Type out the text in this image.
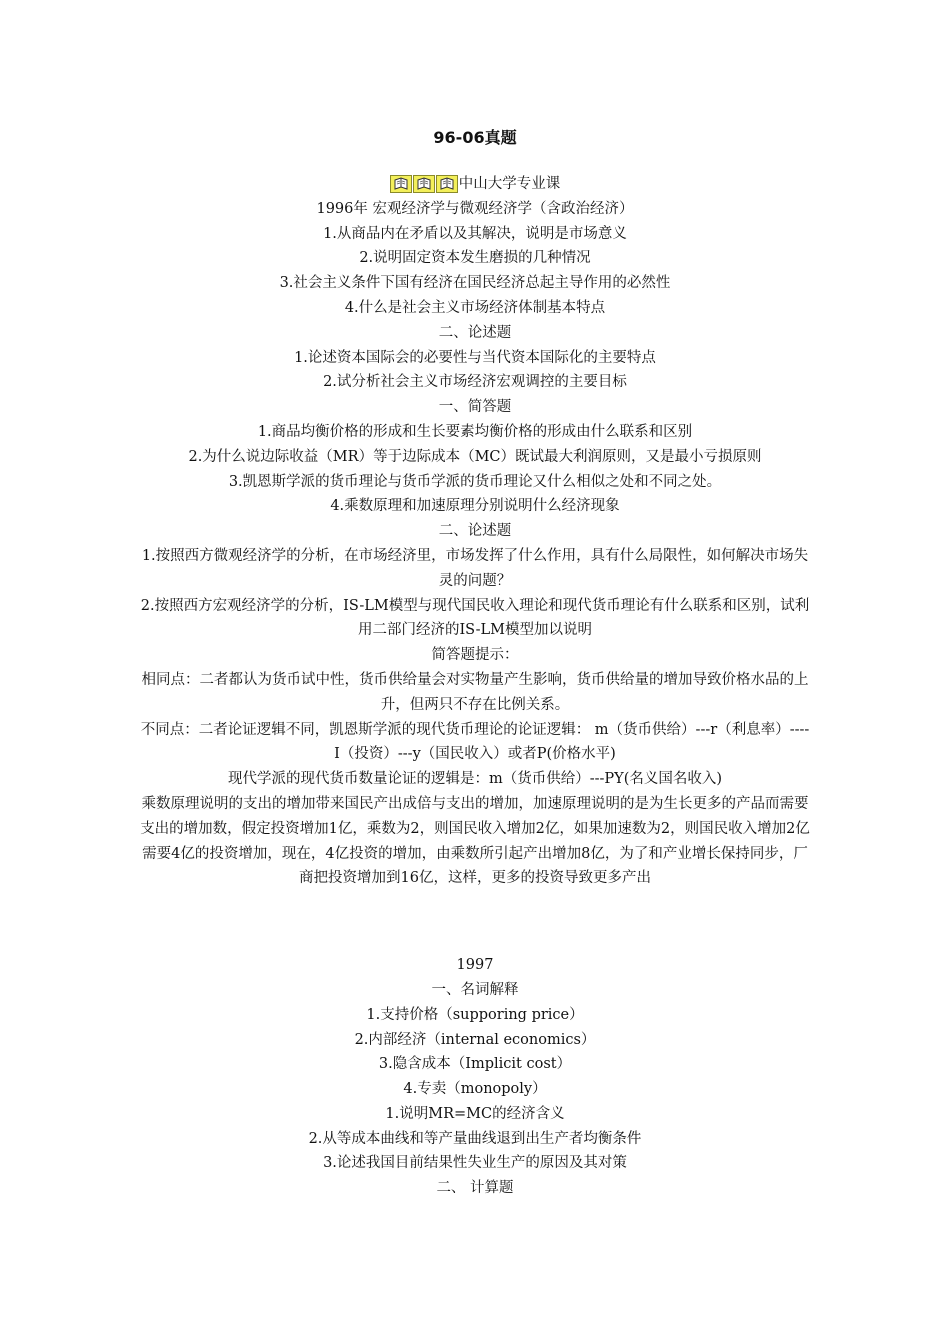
96-06真题
中山大学专业课

1996年 宏观经济学与微观经济学（含政治经济）

1.从商品内在矛盾以及其解决，说明是市场意义

2.说明固定资本发生磨损的几种情况

3.社会主义条件下国有经济在国民经济总起主导作用的必然性

4.什么是社会主义市场经济体制基本特点

二、论述题

1.论述资本国际会的必要性与当代资本国际化的主要特点

2.试分析社会主义市场经济宏观调控的主要目标

一、简答题

1.商品均衡价格的形成和生长要素均衡价格的形成由什么联系和区别

2.为什么说边际收益（MR）等于边际成本（MC）既试最大利润原则，又是最小亏损原则

3.凯恩斯学派的货币理论与货币学派的货币理论又什么相似之处和不同之处。

4.乘数原理和加速原理分别说明什么经济现象

二、论述题

1.按照西方微观经济学的分析，在市场经济里，市场发挥了什么作用，具有什么局限性，如何解决市场失灵的问题？

2.按照西方宏观经济学的分析，IS-LM模型与现代国民收入理论和现代货币理论有什么联系和区别，试利用二部门经济的IS-LM模型加以说明

简答题提示：

相同点：二者都认为货币试中性，货币供给量会对实物量产生影响，货币供给量的增加导致价格水品的上升，但两只不存在比例关系。

不同点：二者论证逻辑不同，凯恩斯学派的现代货币理论的论证逻辑： m（货币供给）---r（利息率）----I（投资）---y（国民收入）或者P(价格水平)

现代学派的现代货币数量论证的逻辑是：m（货币供给）---PY(名义国名收入)

乘数原理说明的支出的增加带来国民产出成倍与支出的增加，加速原理说明的是为生长更多的产品而需要支出的增加数，假定投资增加1亿，乘数为2，则国民收入增加2亿，如果加速数为2，则国民收入增加2亿需要4亿的投资增加，现在，4亿投资的增加，由乘数所引起产出增加8亿，为了和产业增长保持同步，厂商把投资增加到16亿，这样，更多的投资导致更多产出

1997

一、名词解释

1.支持价格（supporing price）

2.内部经济（internal economics）

3.隐含成本（Implicit cost）

4.专卖（monopoly）

1.说明MR=MC的经济含义

2.从等成本曲线和等产量曲线退到出生产者均衡条件

3.论述我国目前结果性失业生产的原因及其对策

二、 计算题
